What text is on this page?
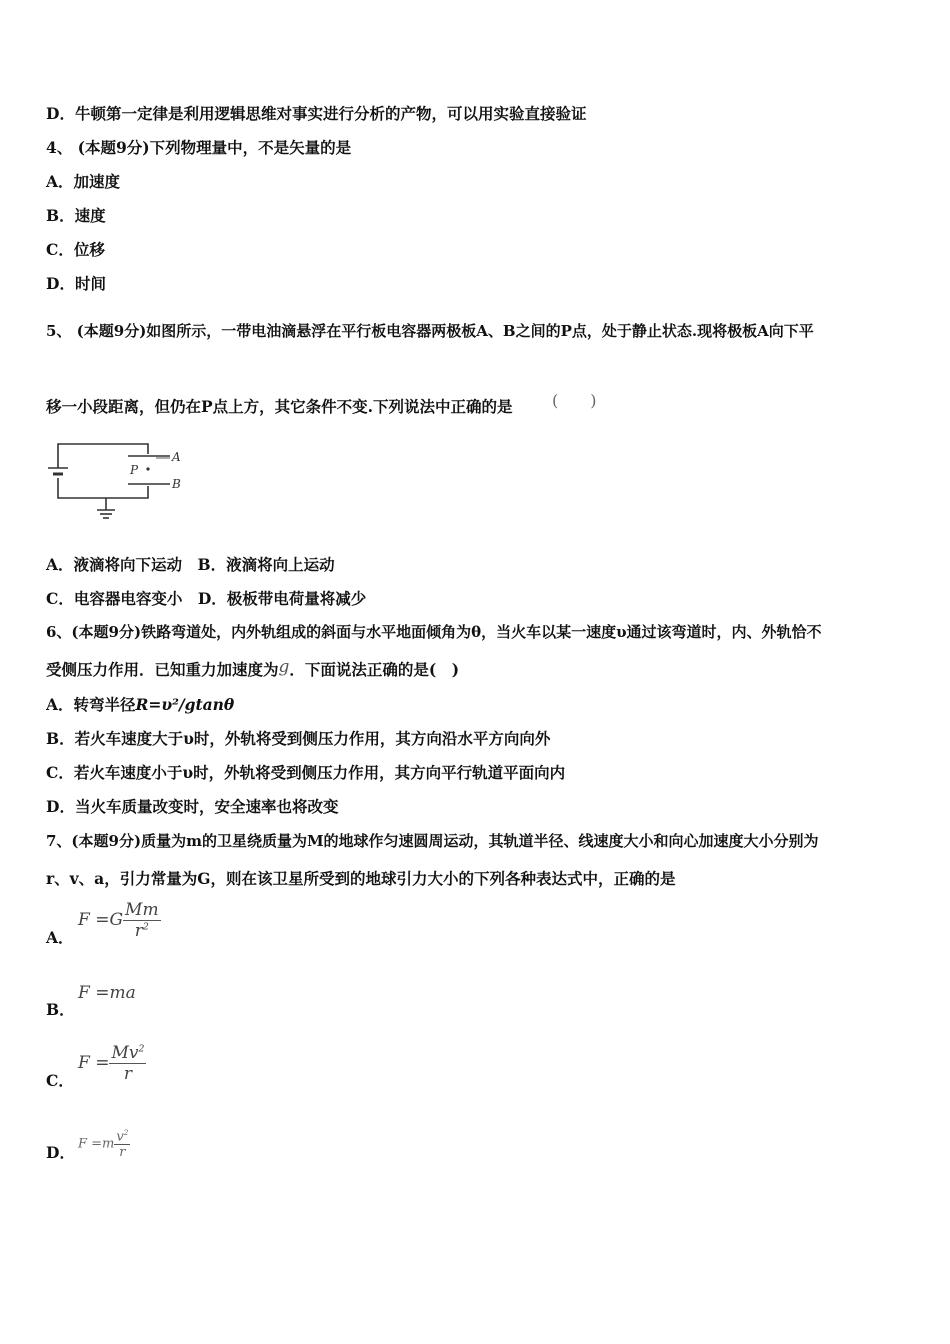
D．牛顿第一定律是利用逻辑思维对事实进行分析的产物，可以用实验直接验证
4、 (本题9分)下列物理量中，不是矢量的是
A．加速度
B．速度
C．位移
D．时间
5、 (本题9分)如图所示，一带电油滴悬浮在平行板电容器两极板A、B之间的P点，处于静止状态.现将极板A向下平
移一小段距离，但仍在P点上方，其它条件不变.下列说法中正确的是 (　　)
P
A
B
A．液滴将向下运动　B．液滴将向上运动
C．电容器电容变小　D．极板带电荷量将减少
6、(本题9分)铁路弯道处，内外轨组成的斜面与水平地面倾角为θ，当火车以某一速度υ通过该弯道时，内、外轨恰不
受侧压力作用．已知重力加速度为g．下面说法正确的是(　)
A．转弯半径R=υ²/gtanθ
B．若火车速度大于υ时，外轨将受到侧压力作用，其方向沿水平方向向外
C．若火车速度小于υ时，外轨将受到侧压力作用，其方向平行轨道平面向内
D．当火车质量改变时，安全速率也将改变
7、(本题9分)质量为m的卫星绕质量为M的地球作匀速圆周运动，其轨道半径、线速度大小和向心加速度大小分别为
r、v、a，引力常量为G，则在该卫星所受到的地球引力大小的下列各种表达式中，正确的是
A．
$F =G \frac{Mm}{r^2}$
B．
F =ma
C．
$F = \frac{Mv^2}{r}$
D． $F =m \frac{v^2}{r}$
